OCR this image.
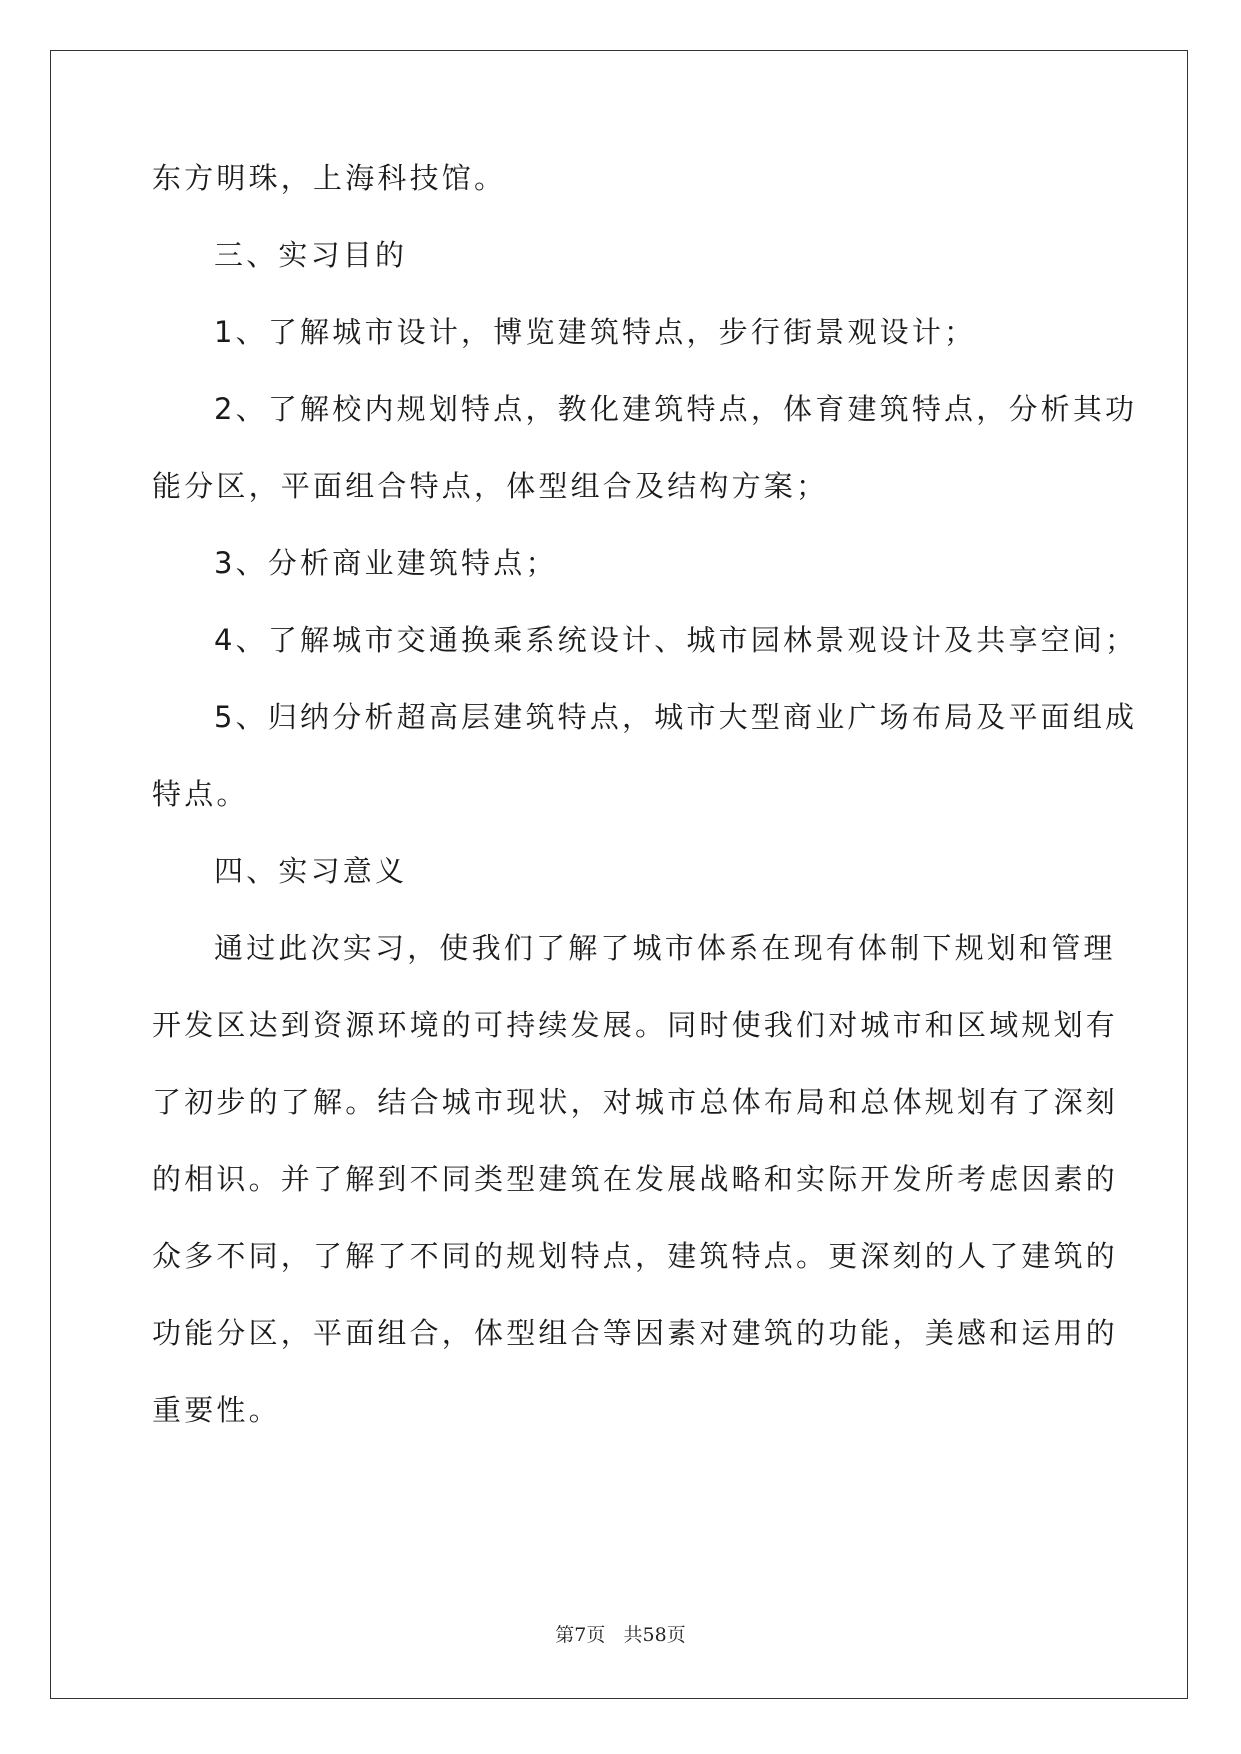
东方明珠，上海科技馆。
三、实习目的
1、了解城市设计，博览建筑特点，步行街景观设计；
2、了解校内规划特点，教化建筑特点，体育建筑特点，分析其功
能分区，平面组合特点，体型组合及结构方案；
3、分析商业建筑特点；
4、了解城市交通换乘系统设计、城市园林景观设计及共享空间；
5、归纳分析超高层建筑特点，城市大型商业广场布局及平面组成
特点。
四、实习意义
通过此次实习，使我们了解了城市体系在现有体制下规划和管理
开发区达到资源环境的可持续发展。同时使我们对城市和区域规划有
了初步的了解。结合城市现状，对城市总体布局和总体规划有了深刻
的相识。并了解到不同类型建筑在发展战略和实际开发所考虑因素的
众多不同，了解了不同的规划特点，建筑特点。更深刻的人了建筑的
功能分区，平面组合，体型组合等因素对建筑的功能，美感和运用的
重要性。
第7页 共58页
